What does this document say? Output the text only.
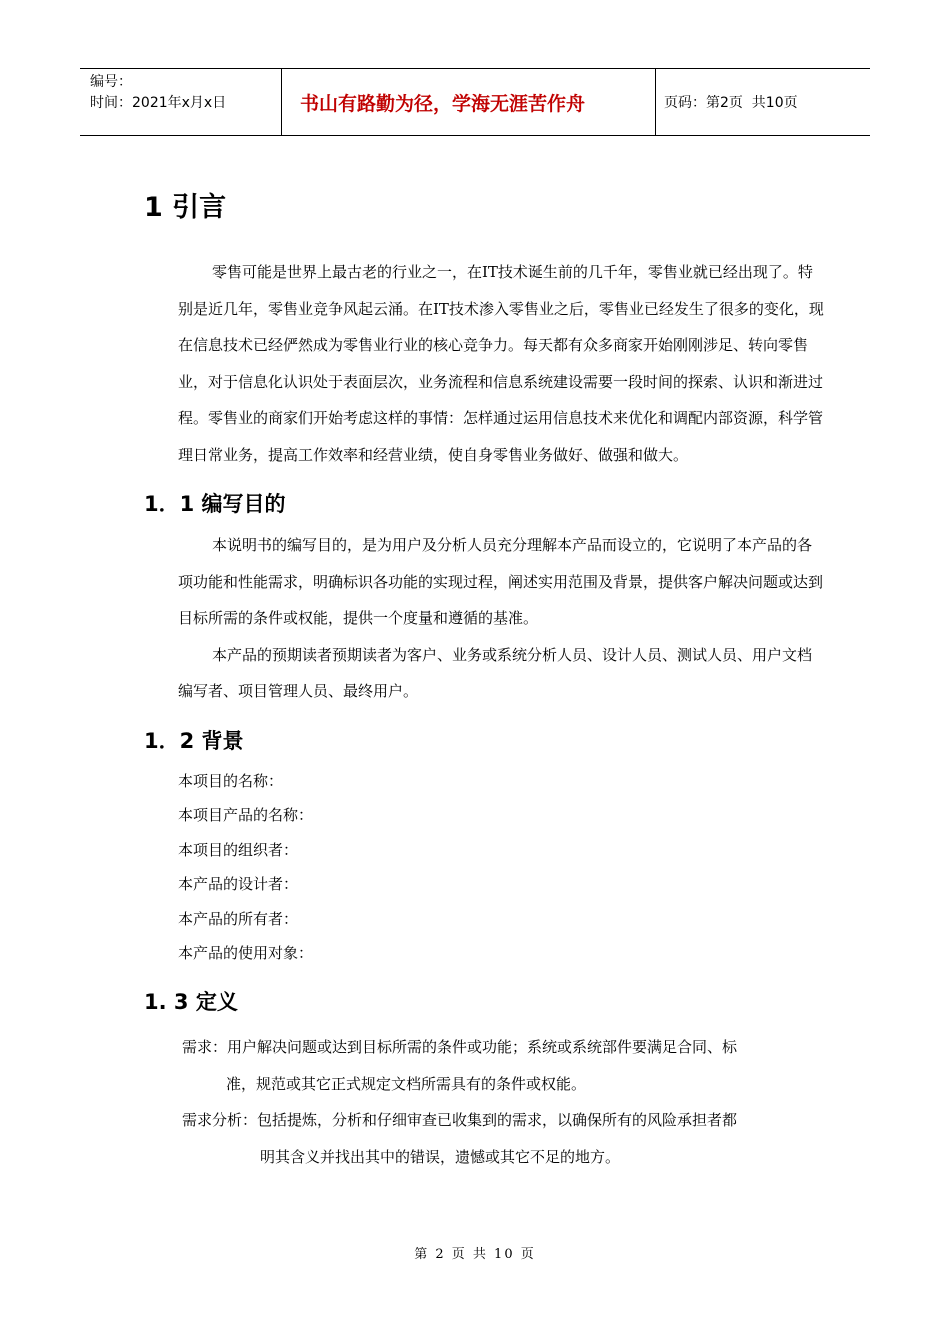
编号：
时间：2021年x月x日	书山有路勤为径，学海无涯苦作舟	页码：第2页  共10页
1 引言

零售可能是世界上最古老的行业之一，在IT技术诞生前的几千年，零售业就已经出现了。特别是近几年，零售业竞争风起云涌。在IT技术渗入零售业之后，零售业已经发生了很多的变化，现在信息技术已经俨然成为零售业行业的核心竞争力。每天都有众多商家开始刚刚涉足、转向零售业，对于信息化认识处于表面层次，业务流程和信息系统建设需要一段时间的探索、认识和渐进过程。零售业的商家们开始考虑这样的事情：怎样通过运用信息技术来优化和调配内部资源，科学管理日常业务，提高工作效率和经营业绩，使自身零售业务做好、做强和做大。

1．1 编写目的

本说明书的编写目的，是为用户及分析人员充分理解本产品而设立的，它说明了本产品的各项功能和性能需求，明确标识各功能的实现过程，阐述实用范围及背景，提供客户解决问题或达到目标所需的条件或权能，提供一个度量和遵循的基准。

本产品的预期读者预期读者为客户、业务或系统分析人员、设计人员、测试人员、用户文档编写者、项目管理人员、最终用户。

1．2 背景

本项目的名称：

本项目产品的名称：

本项目的组织者：

本产品的设计者：

本产品的所有者：

本产品的使用对象：

1. 3 定义

需求：用户解决问题或达到目标所需的条件或功能；系统或系统部件要满足合同、标

准，规范或其它正式规定文档所需具有的条件或权能。

需求分析：包括提炼，分析和仔细审查已收集到的需求，以确保所有的风险承担者都

明其含义并找出其中的错误，遗憾或其它不足的地方。

第 2 页 共 10 页
